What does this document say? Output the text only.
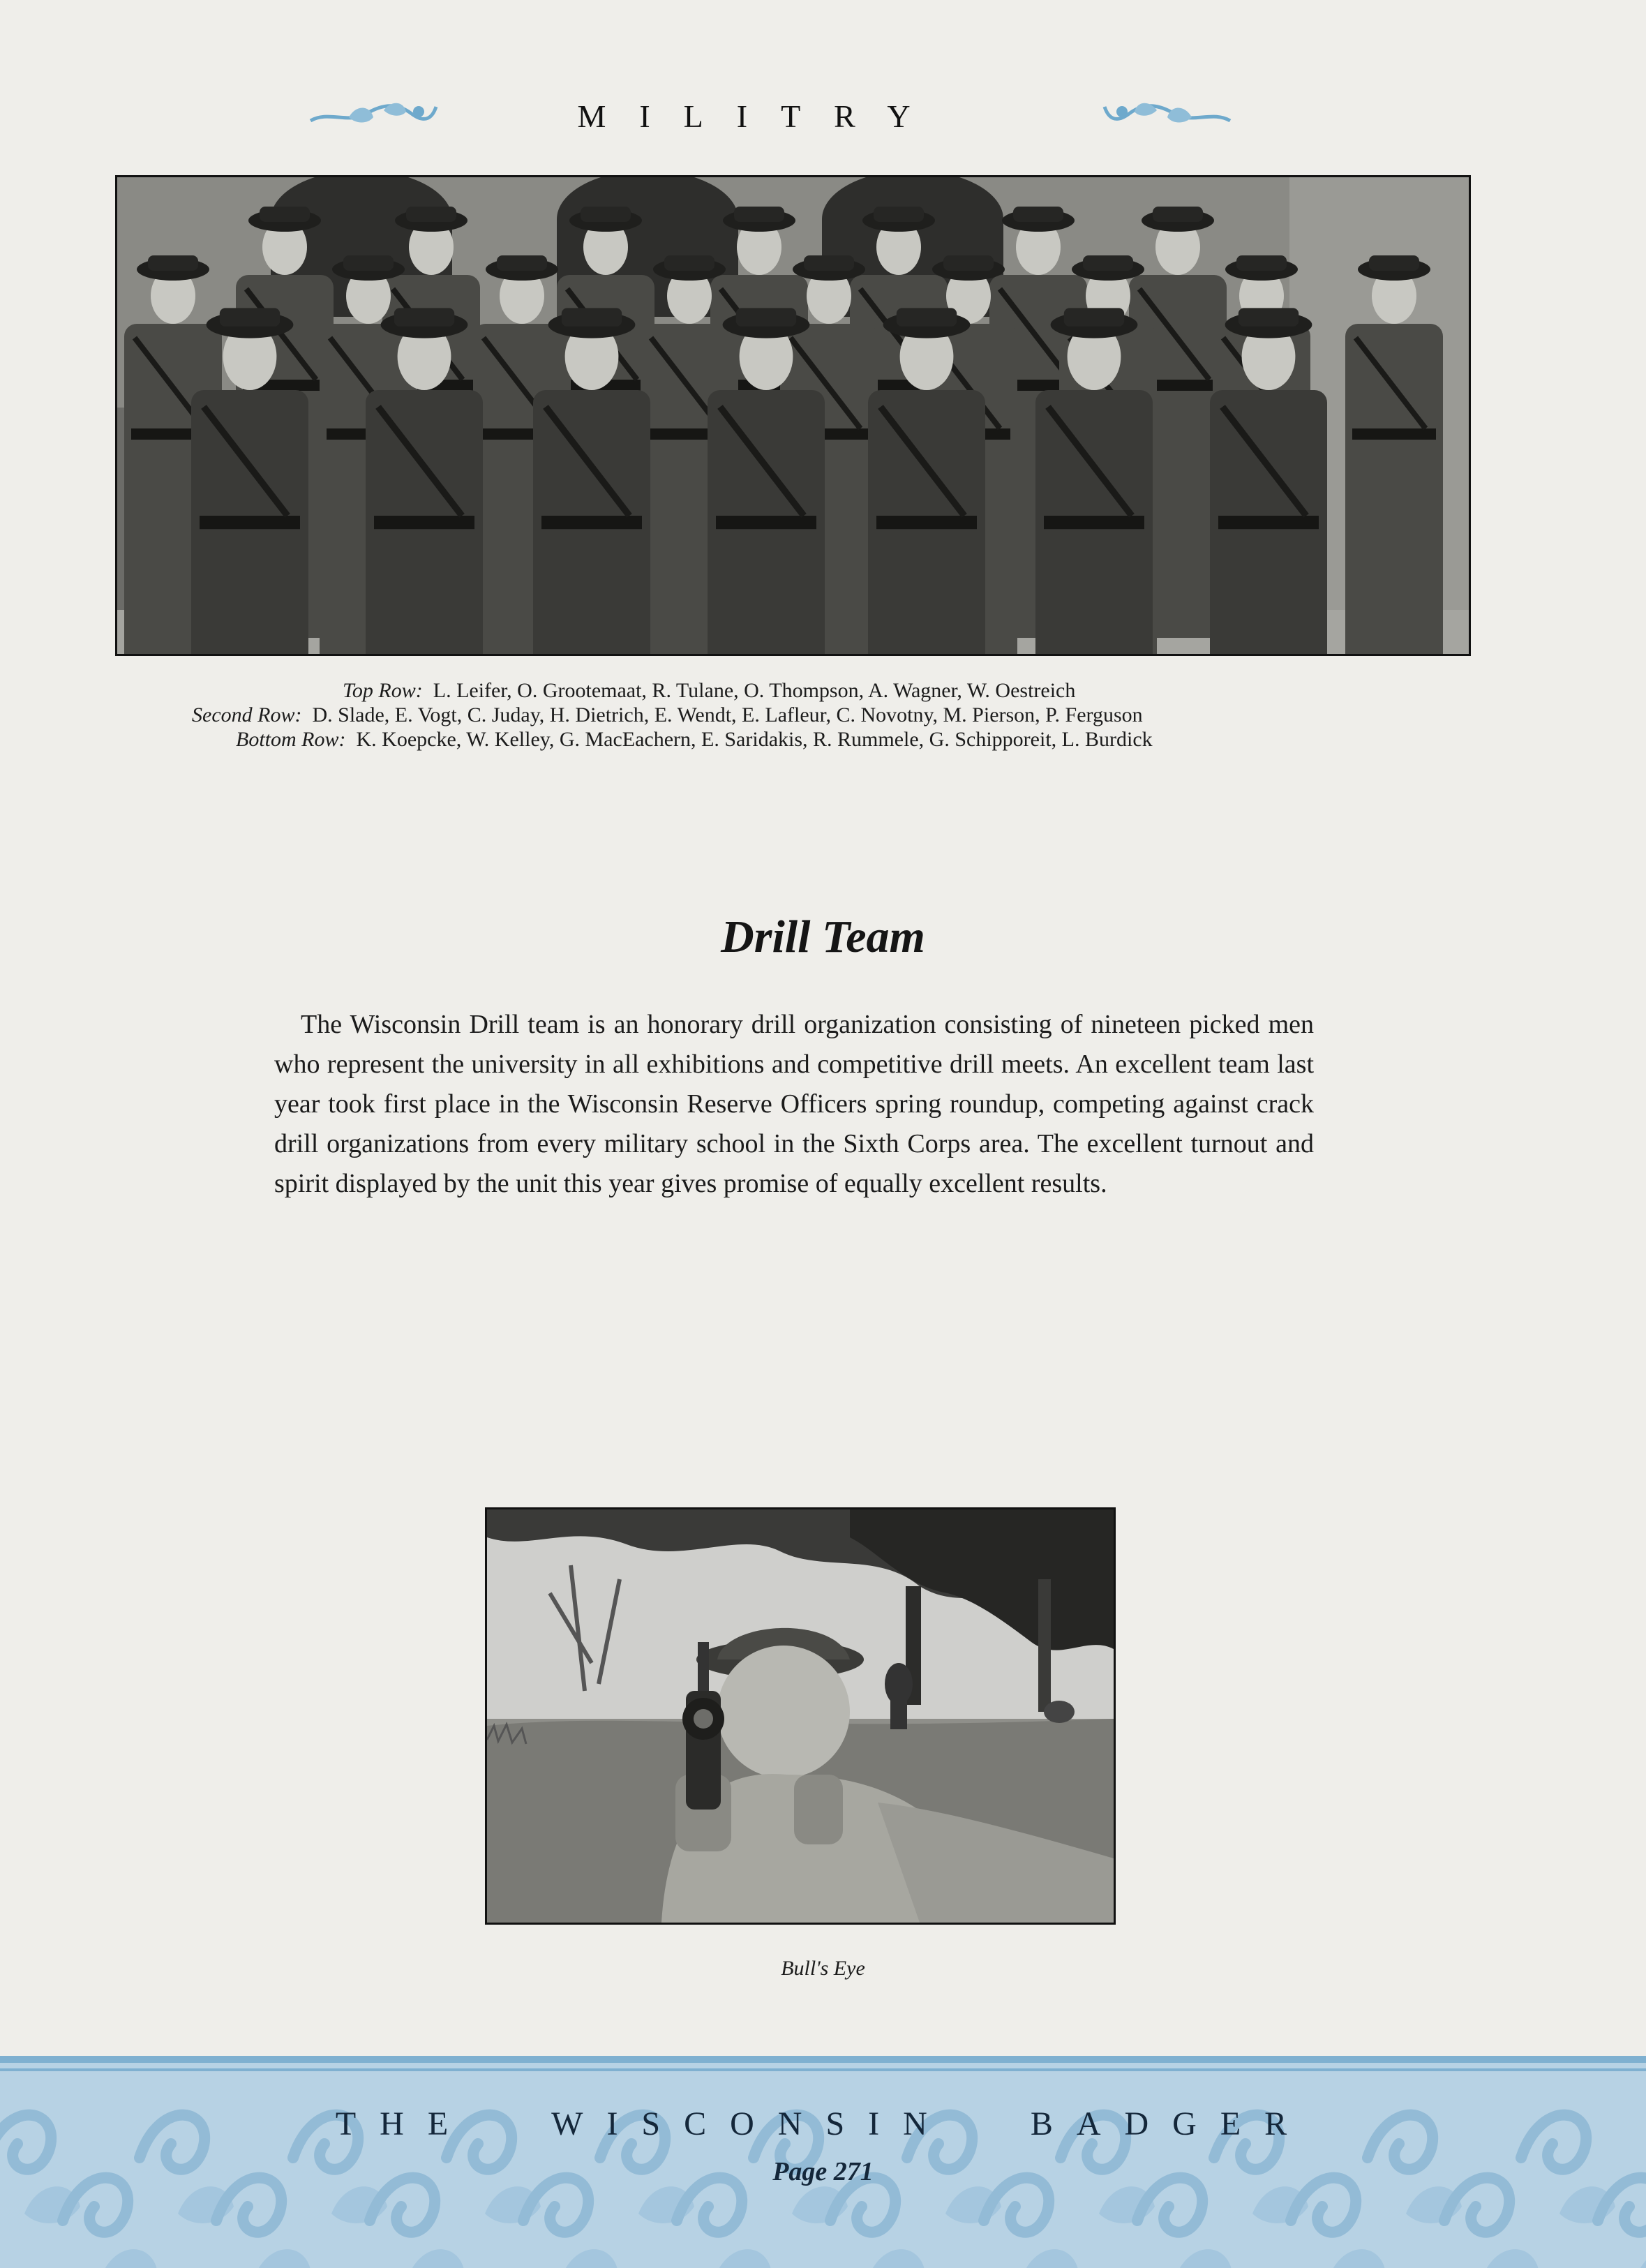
MILITRY
Top Row: L. Leifer, O. Grootemaat, R. Tulane, O. Thompson, A. Wagner, W. Oestreich
Second Row: D. Slade, E. Vogt, C. Juday, H. Dietrich, E. Wendt, E. Lafleur, C. Novotny, M. Pierson, P. Ferguson
Bottom Row: K. Koepcke, W. Kelley, G. MacEachern, E. Saridakis, R. Rummele, G. Schipporeit, L. Burdick
Drill Team

The Wisconsin Drill team is an honorary drill organization consisting of nineteen picked men who represent the university in all exhibitions and competitive drill meets. An excellent team last year took first place in the Wisconsin Reserve Officers spring roundup, competing against crack drill organizations from every military school in the Sixth Corps area. The excellent turnout and spirit displayed by the unit this year gives promise of equally excellent results.

Bull's Eye
THE WISCONSIN BADGER
Page 271
